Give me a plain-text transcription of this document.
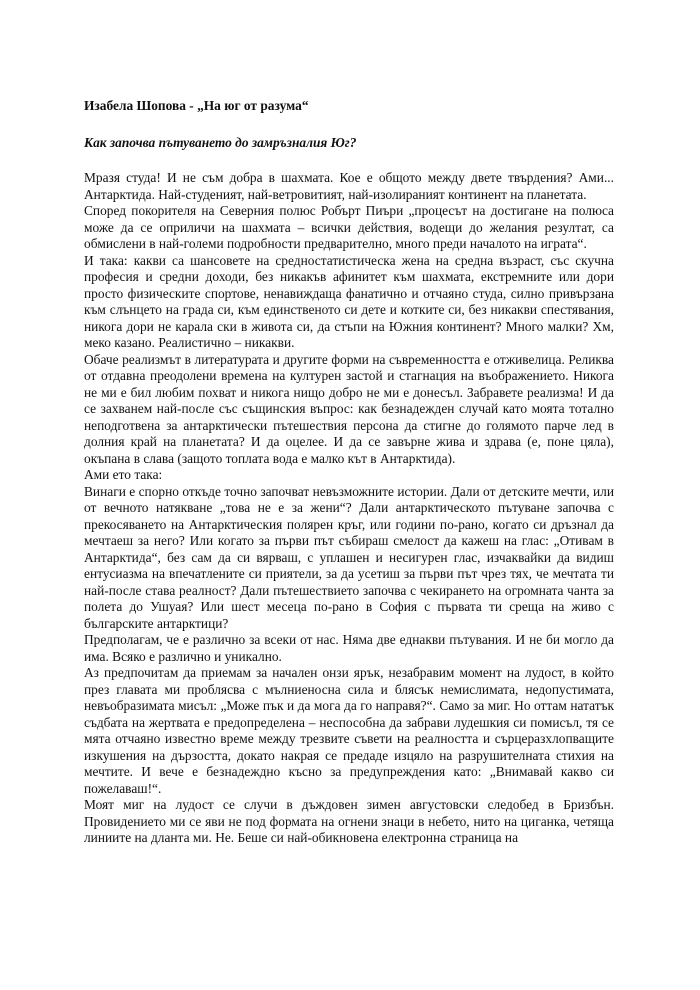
Изабела Шопова - „На юг от разума“

Как започва пътуването до замръзналия Юг?

Мразя студа! И не съм добра в шахмата. Кое е общото между двете твърдения? Ами... Антарктида. Най-студеният, най-ветровитият, най-изолираният континент на планетата.

Според покорителя на Северния полюс Робърт Пиъри „процесът на достигане на полюса може да се оприличи на шахмата – всички действия, водещи до желания резултат, са обмислени в най-големи подробности предварително, много преди началото на играта“.

И така: какви са шансовете на средностатистическа жена на средна възраст, със скучна професия и средни доходи, без никакъв афинитет към шахмата, екстремните или дори просто физическите спортове, ненавиждаща фанатично и отчаяно студа, силно привързана към слънцето на града си, към единственото си дете и котките си, без никакви спестявания, никога дори не карала ски в живота си, да стъпи на Южния континент? Много малки? Хм, меко казано. Реалистично – никакви.

Обаче реализмът в литературата и другите форми на съвременността е отживелица. Реликва от отдавна преодолени времена на културен застой и стагнация на въображението. Никога не ми е бил любим похват и никога нищо добро не ми е донесъл. Забравете реализма! И да се захванем най-после със същинския въпрос: как безнадежден случай като моята тотално неподготвена за антарктически пътешествия персона да стигне до голямото парче лед в долния край на планетата? И да оцелее. И да се завърне жива и здрава (е, поне цяла), окъпана в слава (защото топлата вода е малко кът в Антарктида).

Ами ето така:

Винаги е спорно откъде точно започват невъзможните истории. Дали от детските мечти, или от вечното натякване „това не е за жени“? Дали антарктическото пътуване започва с прекосяването на Антарктическия полярен кръг, или години по-рано, когато си дръзнал да мечтаеш за него? Или когато за първи път събираш смелост да кажеш на глас: „Отивам в Антарктида“, без сам да си вярваш, с уплашен и несигурен глас, изчаквайки да видиш ентусиазма на впечатлените си приятели, за да усетиш за първи път чрез тях, че мечтата ти най-после става реалност? Дали пътешествието започва с чекирането на огромната чанта за полета до Ушуая? Или шест месеца по-рано в София с първата ти среща на живо с българските антарктици?

Предполагам, че е различно за всеки от нас. Няма две еднакви пътувания. И не би могло да има. Всяко е различно и уникално.

Аз предпочитам да приемам за начален онзи ярък, незабравим момент на лудост, в който през главата ми проблясва с мълниеносна сила и блясък немислимата, недопустимата, невъобразимата мисъл: „Може пък и да мога да го направя?“. Само за миг. Но оттам нататък съдбата на жертвата е предопределена – неспособна да забрави лудешкия си помисъл, тя се мята отчаяно известно време между трезвите съвети на реалността и сърцеразхлопващите изкушения на дързостта, докато накрая се предаде изцяло на разрушителната стихия на мечтите. И вече е безнадеждно късно за предупреждения като: „Внимавай какво си пожелаваш!“.

Моят миг на лудост се случи в дъждовен зимен августовски следобед в Бризбън. Провидението ми се яви не под формата на огнени знаци в небето, нито на циганка, четяща линиите на дланта ми. Не. Беше си най-обикновена електронна страница на
